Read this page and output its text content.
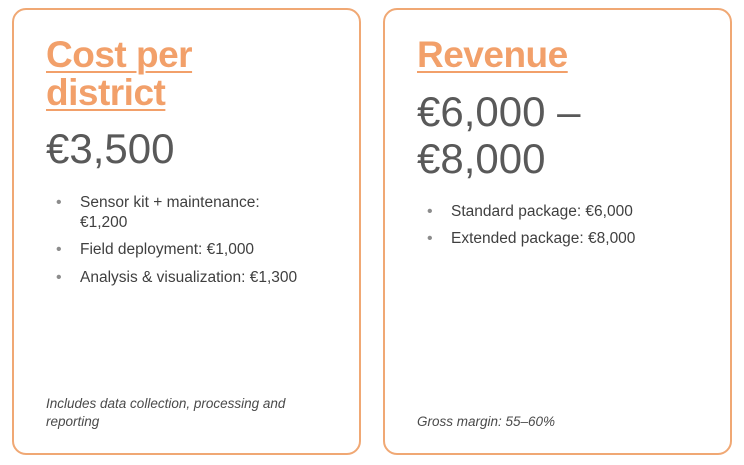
Cost per district
€3,500
• Sensor kit + maintenance: €1,200
• Field deployment: €1,000
• Analysis & visualization: €1,300

Includes data collection, processing and reporting

Revenue
€6,000 – €8,000
• Standard package: €6,000
• Extended package: €8,000

Gross margin: 55–60%
